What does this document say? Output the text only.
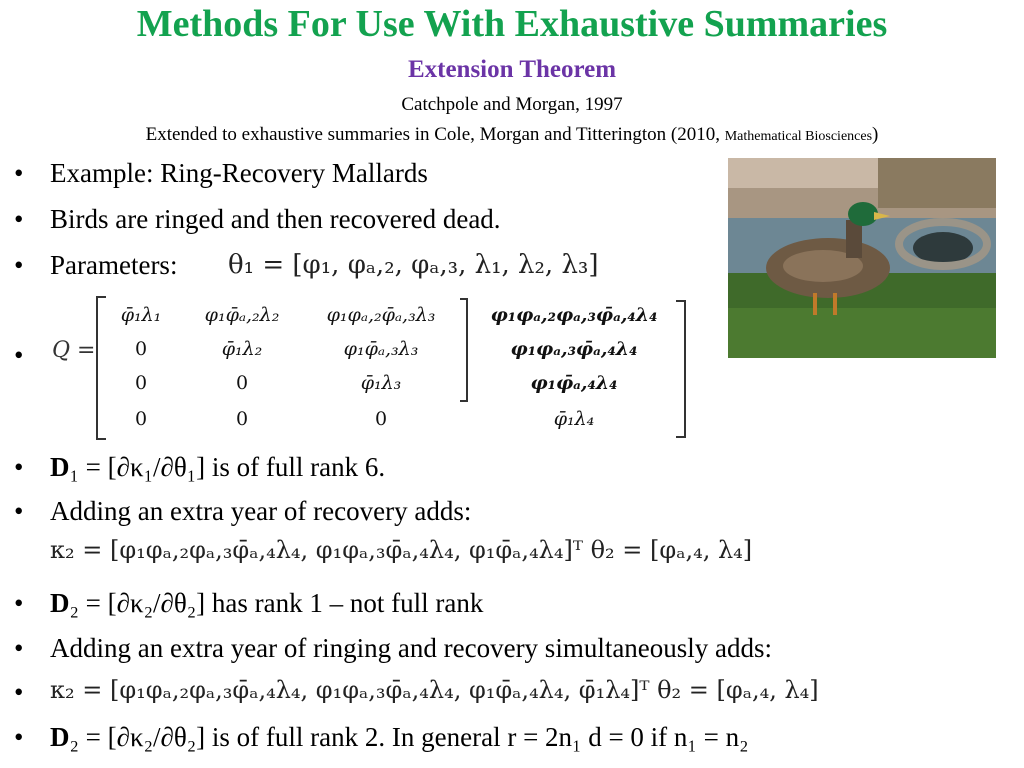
Methods For Use With Exhaustive Summaries
Extension Theorem
Catchpole and Morgan, 1997
Extended to exhaustive summaries in Cole, Morgan and Titterington (2010, Mathematical Biosciences)
• Example: Ring-Recovery Mallards
• Birds are ringed and then recovered dead.
• Parameters: θ₁ = [φ₁, φₐ,₂, φₐ,₃, λ₁, λ₂, λ₃]
• Q =
φ̄₁λ₁	φ₁φ̄ₐ,₂λ₂	φ₁φₐ,₂φ̄ₐ,₃λ₃	φ₁φₐ,₂φₐ,₃φ̄ₐ,₄λ₄
0	φ̄₁λ₂	φ₁φ̄ₐ,₃λ₃	φ₁φₐ,₃φ̄ₐ,₄λ₄
0	0	φ̄₁λ₃	φ₁φ̄ₐ,₄λ₄
0	0	0	φ̄₁λ₄
• D₁ = [∂κ₁/∂θ₁] is of full rank 6.
• Adding an extra year of recovery adds:
κ₂ = [φ₁φₐ,₂φₐ,₃φ̄ₐ,₄λ₄, φ₁φₐ,₃φ̄ₐ,₄λ₄, φ₁φ̄ₐ,₄λ₄]ᵀ θ₂ = [φₐ,₄, λ₄]
• D₂ = [∂κ₂/∂θ₂] has rank 1 – not full rank
• Adding an extra year of ringing and recovery simultaneously adds:
• κ₂ = [φ₁φₐ,₂φₐ,₃φ̄ₐ,₄λ₄, φ₁φₐ,₃φ̄ₐ,₄λ₄, φ₁φ̄ₐ,₄λ₄, φ̄₁λ₄]ᵀ θ₂ = [φₐ,₄, λ₄]
• D₂ = [∂κ₂/∂θ₂] is of full rank 2. In general r = 2n₁ d = 0 if n₁ = n₂
